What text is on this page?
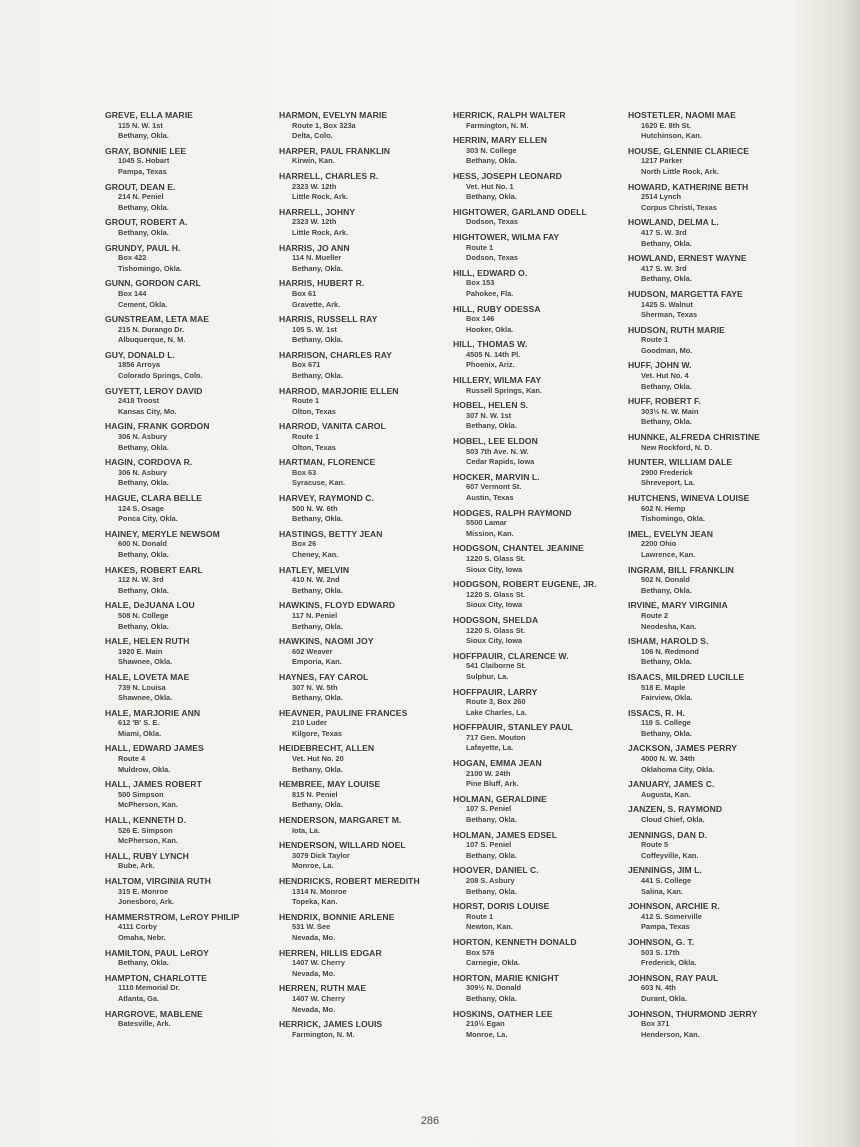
GREVE, ELLA MARIE
115 N. W. 1st
Bethany, Okla.
GRAY, BONNIE LEE
1045 S. Hobart
Pampa, Texas
GROUT, DEAN E.
214 N. Peniel
Bethany, Okla.
GROUT, ROBERT A.
Bethany, Okla.
GRUNDY, PAUL H.
Box 422
Tishomingo, Okla.
GUNN, GORDON CARL
Box 144
Cement, Okla.
GUNSTREAM, LETA MAE
215 N. Durango Dr.
Albuquerque, N. M.
GUY, DONALD L.
1856 Arroya
Colorado Springs, Colo.
GUYETT, LEROY DAVID
2418 Troost
Kansas City, Mo.
HAGIN, FRANK GORDON
306 N. Asbury
Bethany, Okla.
HAGIN, CORDOVA R.
306 N. Asbury
Bethany, Okla.
HAGUE, CLARA BELLE
124 S. Osage
Ponca City, Okla.
HAINEY, MERYLE NEWSOM
600 N. Donald
Bethany, Okla.
HAKES, ROBERT EARL
112 N. W. 3rd
Bethany, Okla.
HALE, DeJUANA LOU
508 N. College
Bethany, Okla.
HALE, HELEN RUTH
1920 E. Main
Shawnee, Okla.
HALE, LOVETA MAE
739 N. Louisa
Shawnee, Okla.
HALE, MARJORIE ANN
612 'B' S. E.
Miami, Okla.
HALL, EDWARD JAMES
Route 4
Muldrow, Okla.
HALL, JAMES ROBERT
500 Simpson
McPherson, Kan.
HALL, KENNETH D.
526 E. Simpson
McPherson, Kan.
HALL, RUBY LYNCH
Bube, Ark.
HALTOM, VIRGINIA RUTH
315 E. Monroe
Jonesboro, Ark.
HAMMERSTROM, LeROY PHILIP
4111 Corby
Omaha, Nebr.
HAMILTON, PAUL LeROY
Bethany, Okla.
HAMPTON, CHARLOTTE
1110 Memorial Dr.
Atlanta, Ga.
HARGROVE, MABLENE
Batesville, Ark.
HARMON, EVELYN MARIE
Route 1, Box 323a
Delta, Colo.
HARPER, PAUL FRANKLIN
Kirwin, Kan.
HARRELL, CHARLES R.
2323 W. 12th
Little Rock, Ark.
HARRELL, JOHNY
2323 W. 12th
Little Rock, Ark.
HARRIS, JO ANN
114 N. Mueller
Bethany, Okla.
HARRIS, HUBERT R.
Box 61
Gravette, Ark.
HARRIS, RUSSELL RAY
105 S. W. 1st
Bethany, Okla.
HARRISON, CHARLES RAY
Box 671
Bethany, Okla.
HARROD, MARJORIE ELLEN
Route 1
Olton, Texas
HARROD, VANITA CAROL
Route 1
Olton, Texas
HARTMAN, FLORENCE
Box 63
Syracuse, Kan.
HARVEY, RAYMOND C.
500 N. W. 6th
Bethany, Okla.
HASTINGS, BETTY JEAN
Box 26
Cheney, Kan.
HATLEY, MELVIN
410 N. W. 2nd
Bethany, Okla.
HAWKINS, FLOYD EDWARD
117 N. Peniel
Bethany, Okla.
HAWKINS, NAOMI JOY
602 Weaver
Emporia, Kan.
HAYNES, FAY CAROL
307 N. W. 5th
Bethany, Okla.
HEAVNER, PAULINE FRANCES
210 Luder
Kilgore, Texas
HEIDEBRECHT, ALLEN
Vet. Hut No. 20
Bethany, Okla.
HEMBREE, MAY LOUISE
815 N. Peniel
Bethany, Okla.
HENDERSON, MARGARET M.
Iota, La.
HENDERSON, WILLARD NOEL
3079 Dick Taylor
Monroe, La.
HENDRICKS, ROBERT MEREDITH
1314 N. Monroe
Topeka, Kan.
HENDRIX, BONNIE ARLENE
531 W. See
Nevada, Mo.
HERREN, HILLIS EDGAR
1407 W. Cherry
Nevada, Mo.
HERREN, RUTH MAE
1407 W. Cherry
Nevada, Mo.
HERRICK, JAMES LOUIS
Farmington, N. M.
HERRICK, RALPH WALTER
Farmington, N. M.
HERRIN, MARY ELLEN
303 N. College
Bethany, Okla.
HESS, JOSEPH LEONARD
Vet. Hut No. 1
Bethany, Okla.
HIGHTOWER, GARLAND ODELL
Dodson, Texas
HIGHTOWER, WILMA FAY
Route 1
Dodson, Texas
HILL, EDWARD O.
Box 153
Pahokee, Fla.
HILL, RUBY ODESSA
Box 146
Hooker, Okla.
HILL, THOMAS W.
4505 N. 14th Pl.
Phoenix, Ariz.
HILLERY, WILMA FAY
Russell Springs, Kan.
HOBEL, HELEN S.
307 N. W. 1st
Bethany, Okla.
HOBEL, LEE ELDON
503 7th Ave. N. W.
Cedar Rapids, Iowa
HOCKER, MARVIN L.
607 Vermont St.
Austin, Texas
HODGES, RALPH RAYMOND
5500 Lamar
Mission, Kan.
HODGSON, CHANTEL JEANINE
1220 S. Glass St.
Sioux City, Iowa
HODGSON, ROBERT EUGENE, JR.
1220 S. Glass St.
Sioux City, Iowa
HODGSON, SHELDA
1220 S. Glass St.
Sioux City, Iowa
HOFFPAUIR, CLARENCE W.
541 Claiborne St.
Sulphur, La.
HOFFPAUIR, LARRY
Route 3, Box 260
Lake Charles, La.
HOFFPAUIR, STANLEY PAUL
717 Gen. Mouton
Lafayette, La.
HOGAN, EMMA JEAN
2100 W. 24th
Pine Bluff, Ark.
HOLMAN, GERALDINE
107 S. Peniel
Bethany, Okla.
HOLMAN, JAMES EDSEL
107 S. Peniel
Bethany, Okla.
HOOVER, DANIEL C.
208 S. Asbury
Bethany, Okla.
HORST, DORIS LOUISE
Route 1
Newton, Kan.
HORTON, KENNETH DONALD
Box 576
Carnegie, Okla.
HORTON, MARIE KNIGHT
309½ N. Donald
Bethany, Okla.
HOSKINS, OATHER LEE
210½ Egan
Monroe, La.
HOSTETLER, NAOMI MAE
1620 E. 8th St.
Hutchinson, Kan.
HOUSE, GLENNIE CLARIECE
1217 Parker
North Little Rock, Ark.
HOWARD, KATHERINE BETH
2514 Lynch
Corpus Christi, Texas
HOWLAND, DELMA L.
417 S. W. 3rd
Bethany, Okla.
HOWLAND, ERNEST WAYNE
417 S. W. 3rd
Bethany, Okla.
HUDSON, MARGETTA FAYE
1425 S. Walnut
Sherman, Texas
HUDSON, RUTH MARIE
Route 1
Goodman, Mo.
HUFF, JOHN W.
Vet. Hut No. 4
Bethany, Okla.
HUFF, ROBERT F.
303½ N. W. Main
Bethany, Okla.
HUNNKE, ALFREDA CHRISTINE
New Rockford, N. D.
HUNTER, WILLIAM DALE
2900 Frederick
Shreveport, La.
HUTCHENS, WINEVA LOUISE
602 N. Hemp
Tishomingo, Okla.
IMEL, EVELYN JEAN
2200 Ohio
Lawrence, Kan.
INGRAM, BILL FRANKLIN
502 N. Donald
Bethany, Okla.
IRVINE, MARY VIRGINIA
Route 2
Neodesha, Kan.
ISHAM, HAROLD S.
106 N. Redmond
Bethany, Okla.
ISAACS, MILDRED LUCILLE
518 E. Maple
Fairview, Okla.
ISSACS, R. H.
119 S. College
Bethany, Okla.
JACKSON, JAMES PERRY
4000 N. W. 34th
Oklahoma City, Okla.
JANUARY, JAMES C.
Augusta, Kan.
JANZEN, S. RAYMOND
Cloud Chief, Okla.
JENNINGS, DAN D.
Route 5
Coffeyville, Kan.
JENNINGS, JIM L.
441 S. College
Salina, Kan.
JOHNSON, ARCHIE R.
412 S. Somerville
Pampa, Texas
JOHNSON, G. T.
503 S. 17th
Frederick, Okla.
JOHNSON, RAY PAUL
603 N. 4th
Durant, Okla.
JOHNSON, THURMOND JERRY
Box 371
Henderson, Kan.
286
